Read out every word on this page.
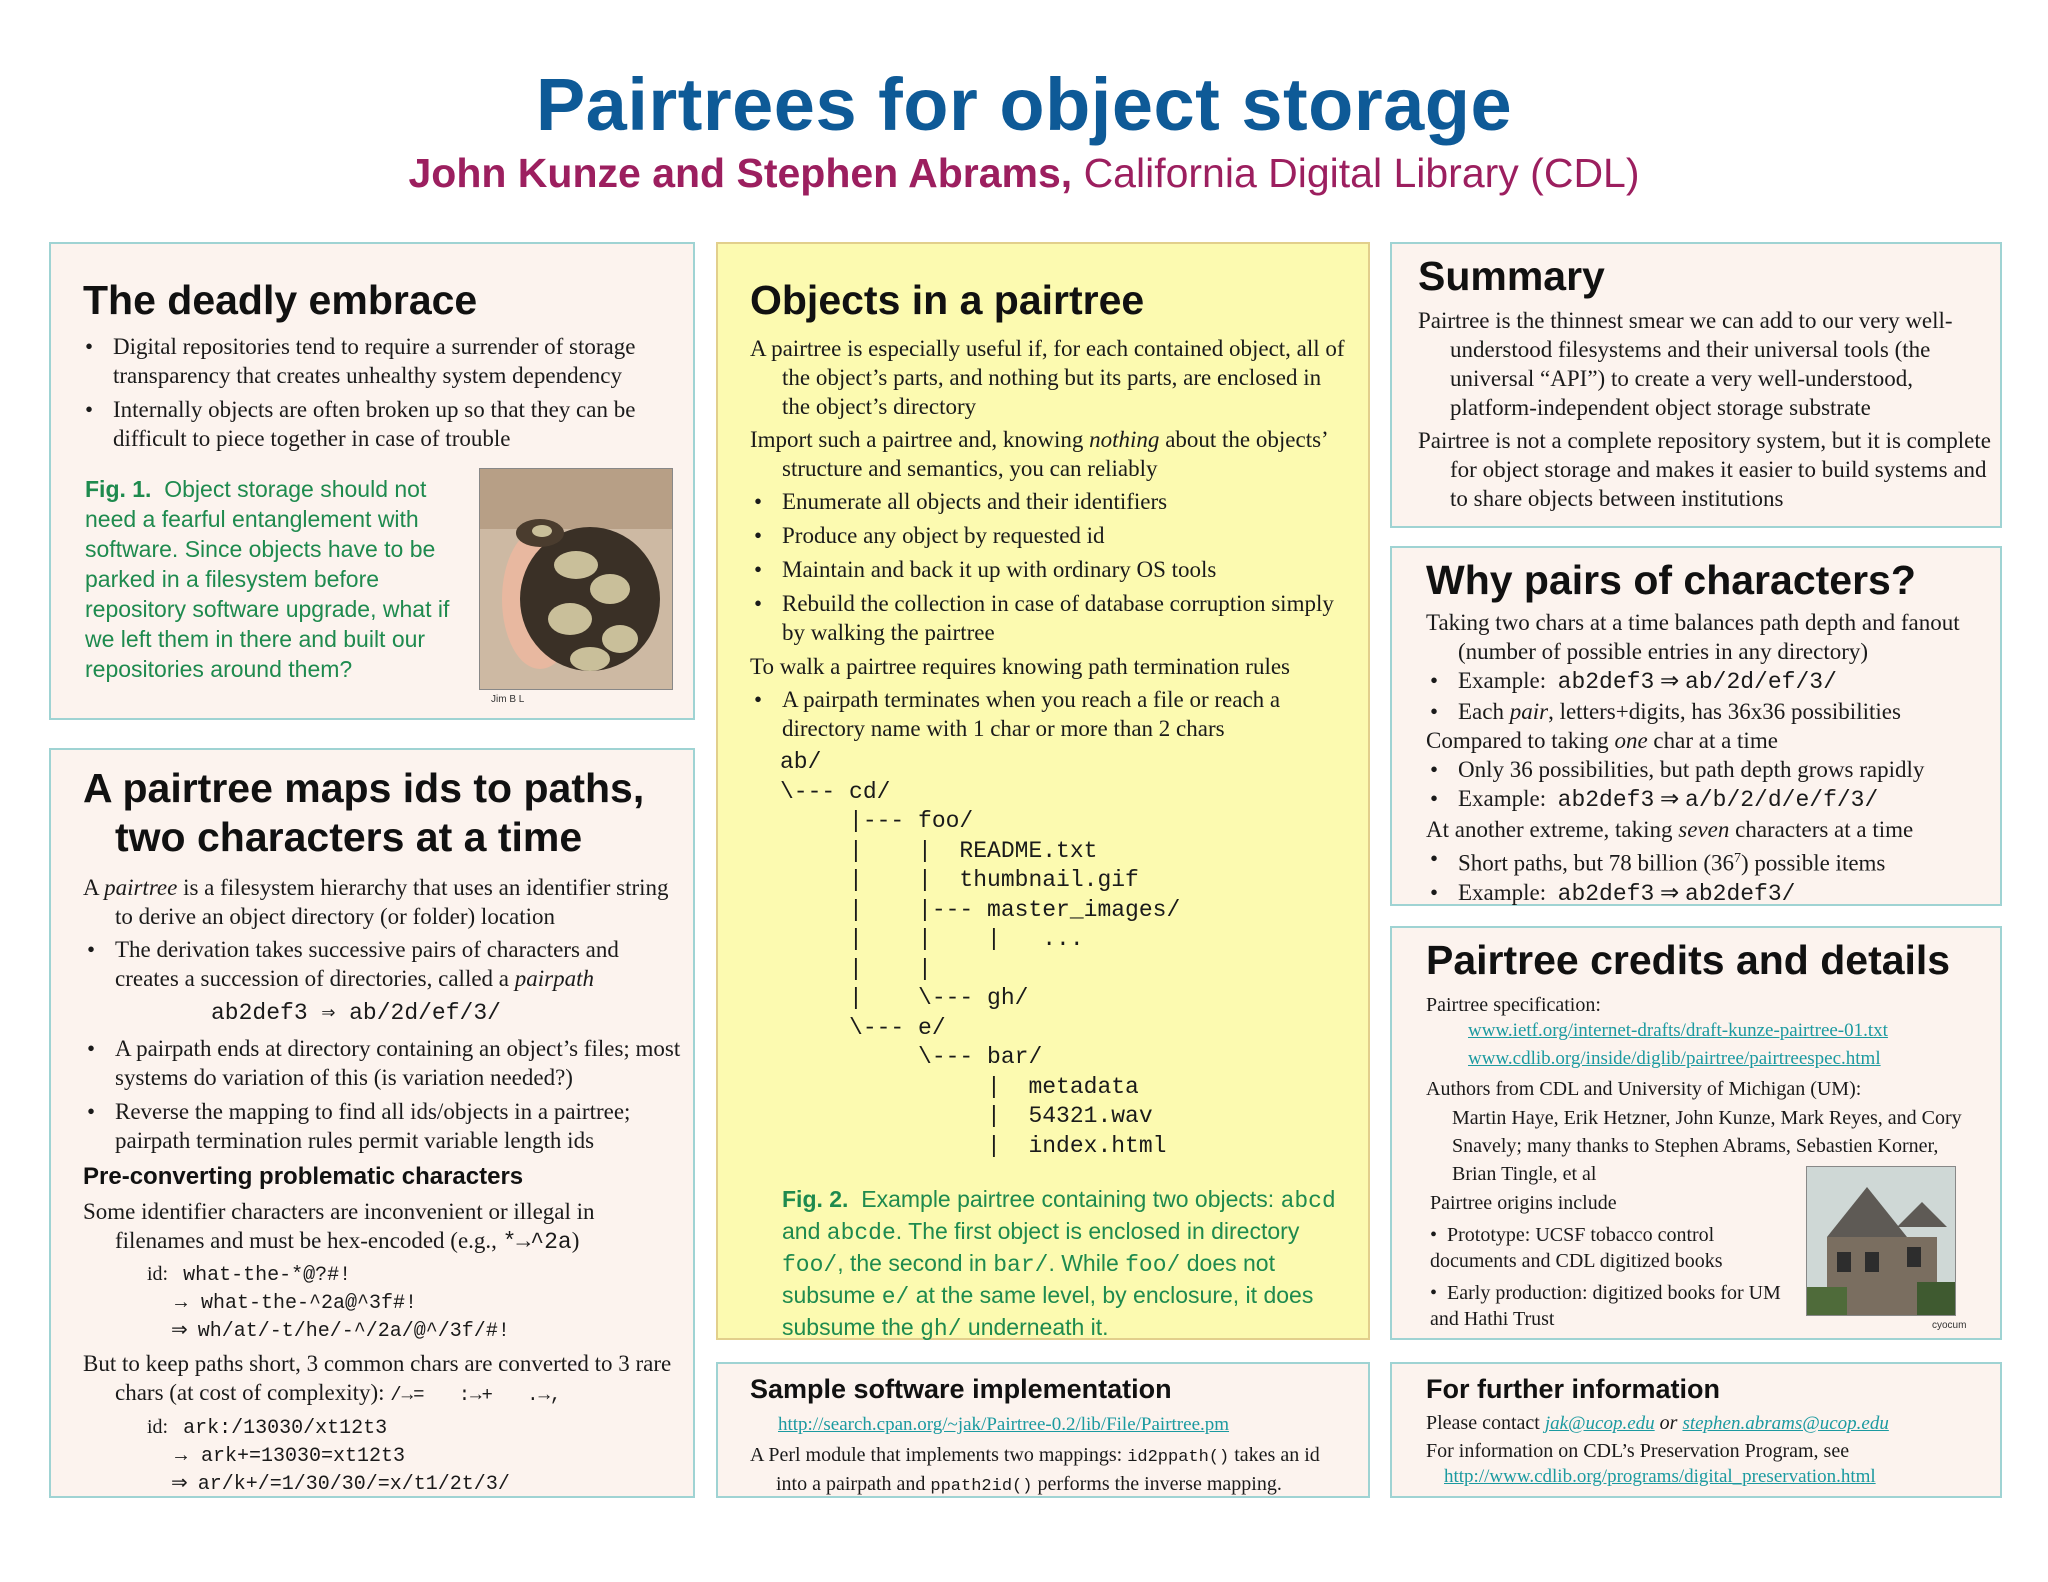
Pairtrees for object storage
John Kunze and Stephen Abrams, California Digital Library (CDL)
The deadly embrace
• Digital repositories tend to require a surrender of storage transparency that creates unhealthy system dependency
• Internally objects are often broken up so that they can be difficult to piece together in case of trouble
Fig. 1. Object storage should not need a fearful entanglement with software. Since objects have to be parked in a filesystem before repository software upgrade, what if we left them in there and built our repositories around them?
Jim B L
A pairtree maps ids to paths,
two characters at a time

A pairtree is a filesystem hierarchy that uses an identifier string to derive an object directory (or folder) location

• The derivation takes successive pairs of characters and creates a succession of directories, called a pairpath
ab2def3 ⇒ ab/2d/ef/3/
• A pairpath ends at directory containing an object’s files; most systems do variation of this (is variation needed?)
• Reverse the mapping to find all ids/objects in a pairtree; pairpath termination rules permit variable length ids
Pre-converting problematic characters

Some identifier characters are inconvenient or illegal in filenames and must be hex-encoded (e.g., *→^2a)

id: what-the-*@?#!
→ what-the-^2a@^3f#!
⇒ wh/at/-t/he/-^/2a/@^/3f/#!

But to keep paths short, 3 common chars are converted to 3 rare chars (at cost of complexity): /→=   :→+   .→,

id: ark:/13030/xt12t3
→ ark+=13030=xt12t3
⇒ ar/k+/=1/30/30/=x/t1/2t/3/
Objects in a pairtree

A pairtree is especially useful if, for each contained object, all of the object’s parts, and nothing but its parts, are enclosed in the object’s directory

Import such a pairtree and, knowing nothing about the objects’ structure and semantics, you can reliably

• Enumerate all objects and their identifiers
• Produce any object by requested id
• Maintain and back it up with ordinary OS tools
• Rebuild the collection in case of database corruption simply by walking the pairtree

To walk a pairtree requires knowing path termination rules

• A pairpath terminates when you reach a file or reach a directory name with 1 char or more than 2 chars
ab/
\--- cd/
|--- foo/
|    |  README.txt
|    |  thumbnail.gif
|    |--- master_images/
|    |    |   ...
|    |
|    \--- gh/
\--- e/
\--- bar/
|  metadata
|  54321.wav
|  index.html
Fig. 2. Example pairtree containing two objects: abcd and abcde. The first object is enclosed in directory foo/, the second in bar/. While foo/ does not subsume e/ at the same level, by enclosure, it does subsume the gh/ underneath it.
Sample software implementation
http://search.cpan.org/~jak/Pairtree-0.2/lib/File/Pairtree.pm
A Perl module that implements two mappings: id2ppath() takes an id into a pairpath and ppath2id() performs the inverse mapping.
Summary

Pairtree is the thinnest smear we can add to our very well-understood filesystems and their universal tools (the universal “API”) to create a very well-understood, platform-independent object storage substrate

Pairtree is not a complete repository system, but it is complete for object storage and makes it easier to build systems and to share objects between institutions

Why pairs of characters?

Taking two chars at a time balances path depth and fanout (number of possible entries in any directory)

• Example: ab2def3 ⇒ ab/2d/ef/3/
• Each pair, letters+digits, has 36x36 possibilities

Compared to taking one char at a time

• Only 36 possibilities, but path depth grows rapidly
• Example: ab2def3 ⇒ a/b/2/d/e/f/3/

At another extreme, taking seven characters at a time

• Short paths, but 78 billion $(36^7)$ possible items
• Example: ab2def3 ⇒ ab2def3/
Pairtree credits and details
Pairtree specification:
www.ietf.org/internet-drafts/draft-kunze-pairtree-01.txt
www.cdlib.org/inside/diglib/pairtree/pairtreespec.html
Authors from CDL and University of Michigan (UM):
Martin Haye, Erik Hetzner, John Kunze, Mark Reyes, and Cory Snavely; many thanks to Stephen Abrams, Sebastien Korner, Brian Tingle, et al
cyocum
Pairtree origins include
•  Prototype: UCSF tobacco control documents and CDL digitized books
•  Early production: digitized books for UM and Hathi Trust
For further information
Please contact jak@ucop.edu or stephen.abrams@ucop.edu
For information on CDL’s Preservation Program, see
http://www.cdlib.org/programs/digital_preservation.html
